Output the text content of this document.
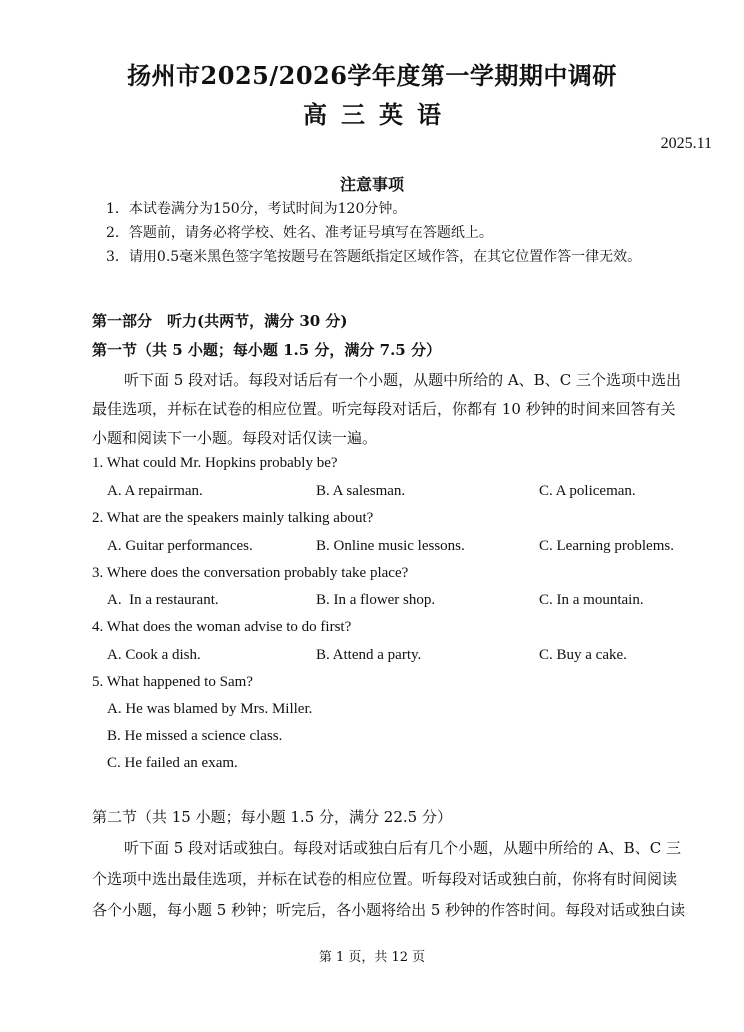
扬州市2025/2026学年度第一学期期中调研
高三英语
2025.11
注意事项
1．本试卷满分为150分，考试时间为120分钟。
2．答题前，请务必将学校、姓名、准考证号填写在答题纸上。
3．请用0.5毫米黑色签字笔按题号在答题纸指定区域作答，在其它位置作答一律无效。
第一部分　听力(共两节，满分 30 分)
第一节（共 5 小题；每小题 1.5 分，满分 7.5 分）
听下面 5 段对话。每段对话后有一个小题，从题中所给的 A、B、C 三个选项中选出
最佳选项，并标在试卷的相应位置。听完每段对话后，你都有 10 秒钟的时间来回答有关
小题和阅读下一小题。每段对话仅读一遍。
1. What could Mr. Hopkins probably be?
A. A repairman.	B. A salesman.	C. A policeman.
2. What are the speakers mainly talking about?
A. Guitar performances.	B. Online music lessons.	C. Learning problems.
3. Where does the conversation probably take place?
A.  In a restaurant.	B. In a flower shop.	C. In a mountain.
4. What does the woman advise to do first?
A. Cook a dish.	B. Attend a party.	C. Buy a cake.
5. What happened to Sam?
A. He was blamed by Mrs. Miller.
B. He missed a science class.
C. He failed an exam.
第二节（共 15 小题；每小题 1.5 分，满分 22.5 分）
听下面 5 段对话或独白。每段对话或独白后有几个小题，从题中所给的 A、B、C 三
个选项中选出最佳选项，并标在试卷的相应位置。听每段对话或独白前，你将有时间阅读
各个小题，每小题 5 秒钟；听完后，各小题将给出 5 秒钟的作答时间。每段对话或独白读
第 1 页，共 12 页
